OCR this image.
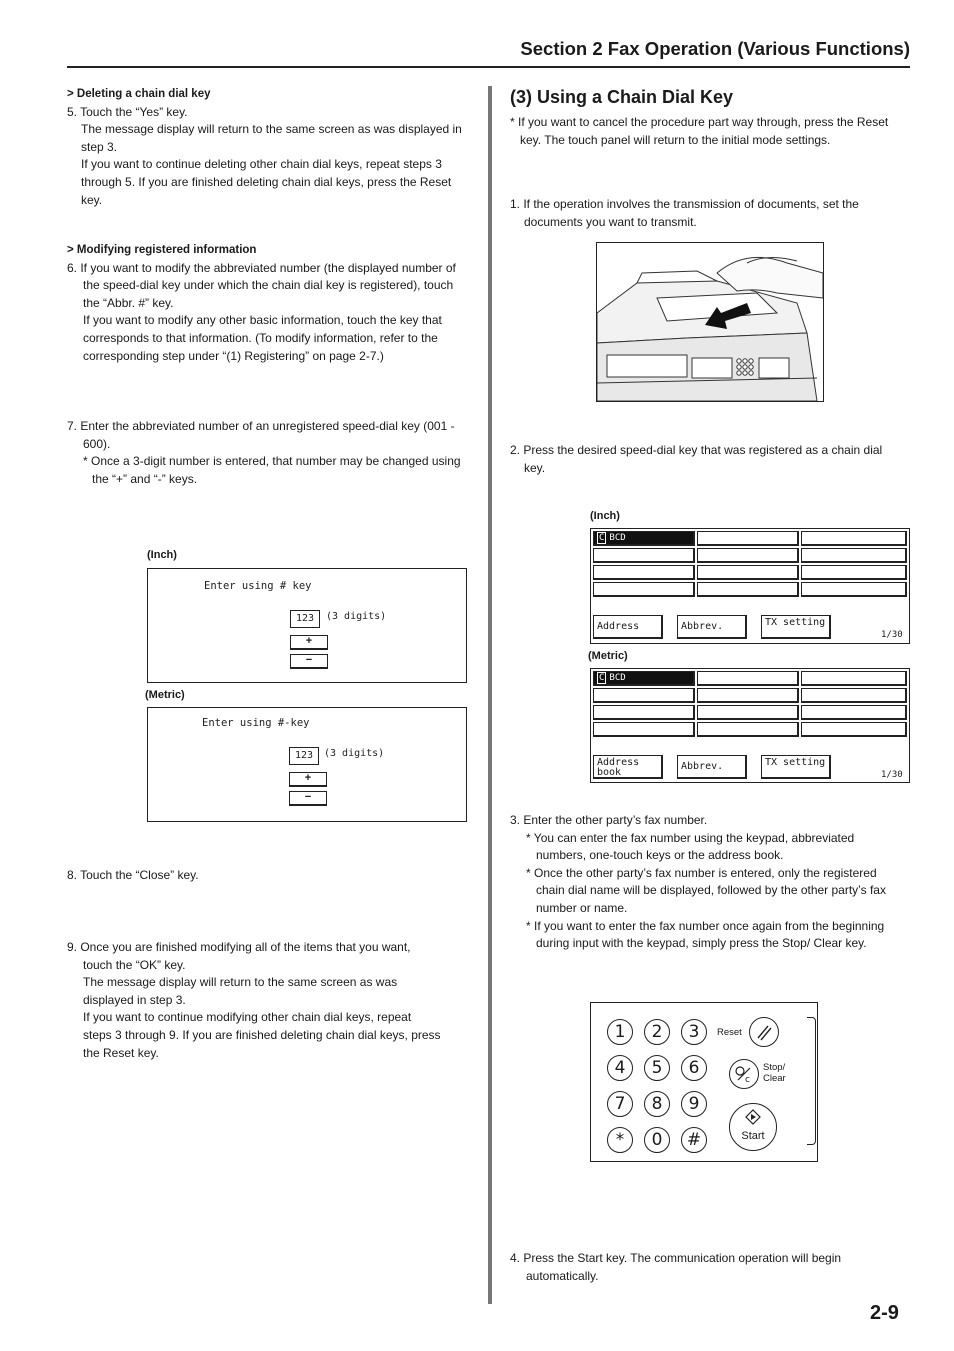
Section 2 Fax Operation (Various Functions)
> Deleting a chain dial key
5. Touch the “Yes” key.
The message display will return to the same screen as was displayed in step 3.
If you want to continue deleting other chain dial keys, repeat steps 3 through 5. If you are finished deleting chain dial keys, press the Reset key.
> Modifying registered information
6. If you want to modify the abbreviated number (the displayed number of the speed-dial key under which the chain dial key is registered), touch the “Abbr. #” key.
If you want to modify any other basic information, touch the key that corresponds to that information. (To modify information, refer to the corresponding step under “(1) Registering” on page 2-7.)
7. Enter the abbreviated number of an unregistered speed-dial key (001 - 600).
* Once a 3-digit number is entered, that number may be changed using the “+” and “-” keys.
(Inch)
Enter using # key
123	(3 digits)
+
−
(Metric)
Enter using #-key
123	(3 digits)
+
−
8. Touch the “Close” key.
9. Once you are finished modifying all of the items that you want, touch the “OK” key.
The message display will return to the same screen as was displayed in step 3.
If you want to continue modifying other chain dial keys, repeat steps 3 through 9. If you are finished deleting chain dial keys, press the Reset key.
(3) Using a Chain Dial Key
* If you want to cancel the procedure part way through, press the Reset key. The touch panel will return to the initial mode settings.
1. If the operation involves the transmission of documents, set the documents you want to transmit.
2. Press the desired speed-dial key that was registered as a chain dial key.
(Inch)
C BCD
Address	Abbrev.	TX setting
1/30
(Metric)
C BCD
Address book
Abbrev.	TX setting
1/30
3. Enter the other party’s fax number.
* You can enter the fax number using the keypad, abbreviated numbers, one-touch keys or the address book.
* Once the other party’s fax number is entered, only the registered chain dial name will be displayed, followed by the other party’s fax number or name.
* If you want to enter the fax number once again from the beginning during input with the keypad, simply press the Stop/ Clear key.
1	2	3
4	5	6
7	8	9
*	0	#
Reset
c
Stop/
Clear
Start
4. Press the Start key. The communication operation will begin automatically.
2-9
